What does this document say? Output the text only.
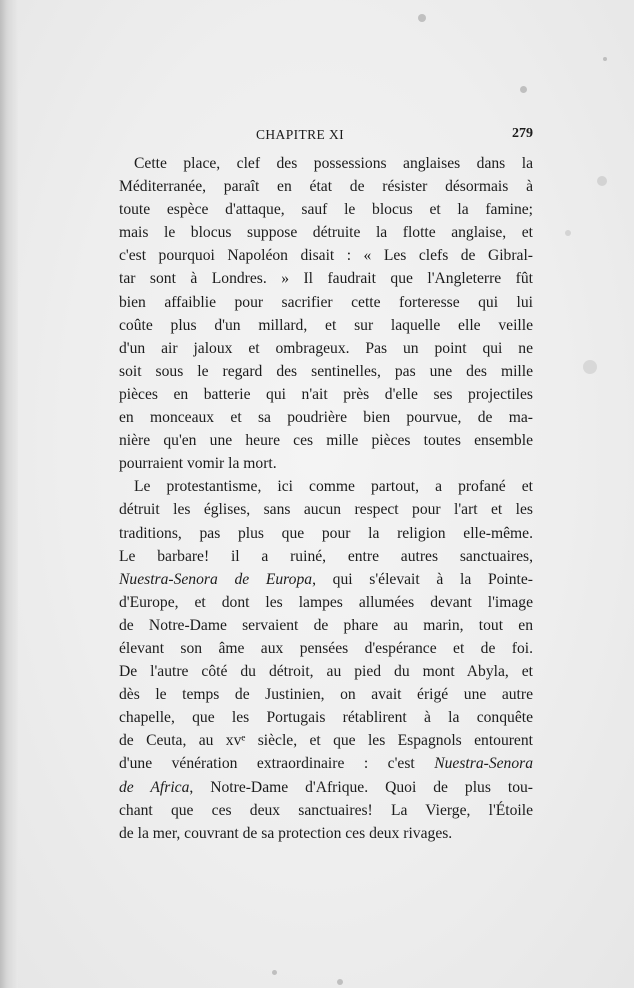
CHAPITRE XI	279
Cette place, clef des possessions anglaises dans la
Méditerranée, paraît en état de résister désormais à
toute espèce d'attaque, sauf le blocus et la famine;
mais le blocus suppose détruite la flotte anglaise, et
c'est pourquoi Napoléon disait : « Les clefs de Gibral-
tar sont à Londres. » Il faudrait que l'Angleterre fût
bien affaiblie pour sacrifier cette forteresse qui lui
coûte plus d'un millard, et sur laquelle elle veille
d'un air jaloux et ombrageux. Pas un point qui ne
soit sous le regard des sentinelles, pas une des mille
pièces en batterie qui n'ait près d'elle ses projectiles
en monceaux et sa poudrière bien pourvue, de ma-
nière qu'en une heure ces mille pièces toutes ensemble
pourraient vomir la mort.
Le protestantisme, ici comme partout, a profané et
détruit les églises, sans aucun respect pour l'art et les
traditions, pas plus que pour la religion elle-même.
Le barbare! il a ruiné, entre autres sanctuaires,
Nuestra-Senora de Europa, qui s'élevait à la Pointe-
d'Europe, et dont les lampes allumées devant l'image
de Notre-Dame servaient de phare au marin, tout en
élevant son âme aux pensées d'espérance et de foi.
De l'autre côté du détroit, au pied du mont Abyla, et
dès le temps de Justinien, on avait érigé une autre
chapelle, que les Portugais rétablirent à la conquête
de Ceuta, au xvᵉ siècle, et que les Espagnols entourent
d'une vénération extraordinaire : c'est Nuestra-Senora
de Africa, Notre-Dame d'Afrique. Quoi de plus tou-
chant que ces deux sanctuaires! La Vierge, l'Étoile
de la mer, couvrant de sa protection ces deux rivages.
